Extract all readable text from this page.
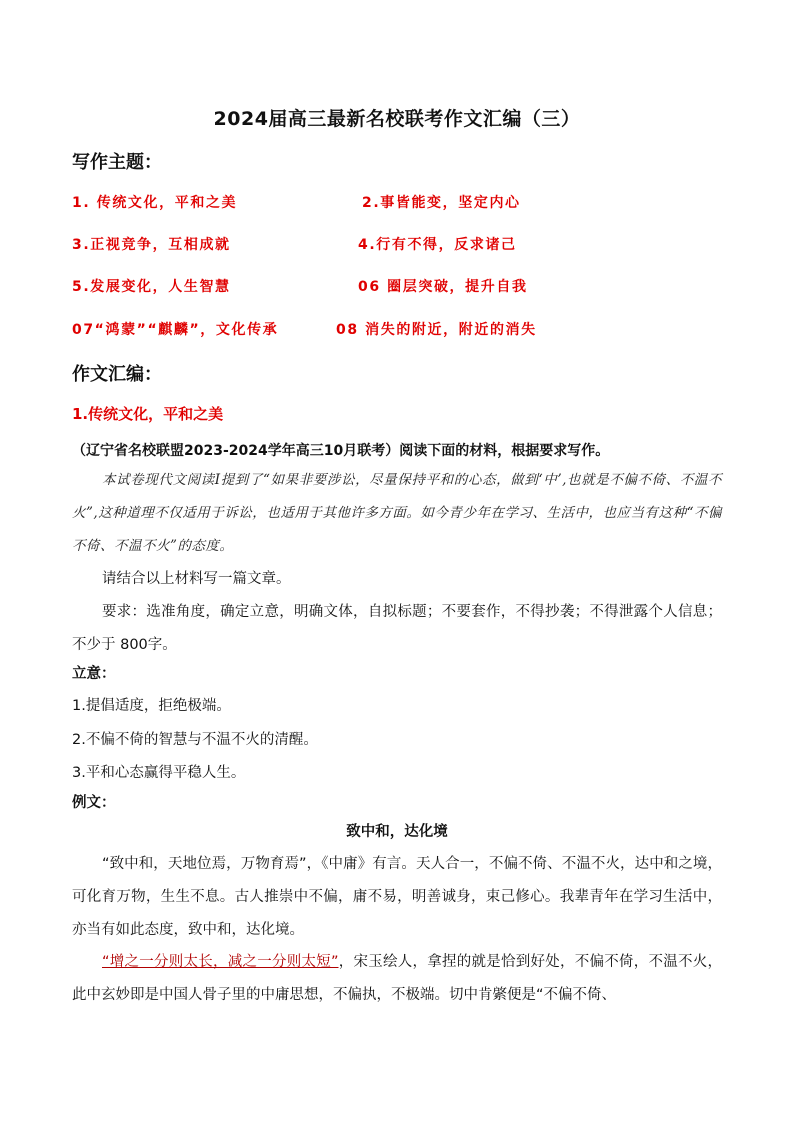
2024届高三最新名校联考作文汇编（三）
写作主题：
1. 传统文化，平和之美	2.事皆能变，坚定内心
3.正视竞争，互相成就	4.行有不得，反求诸己
5.发展变化，人生智慧	06 圈层突破，提升自我
07“鸿蒙”“麒麟”，文化传承	08 消失的附近，附近的消失
作文汇编：
1.传统文化，平和之美
（辽宁省名校联盟2023-2024学年高三10月联考）阅读下面的材料，根据要求写作。
本试卷现代文阅读I提到了“如果非要涉讼，尽量保持平和的心态，做到‘中’,也就是不偏不倚、不温不火”,这种道理不仅适用于诉讼，也适用于其他许多方面。如今青少年在学习、生活中，也应当有这种“不偏不倚、不温不火”的态度。
请结合以上材料写一篇文章。
要求：选准角度，确定立意，明确文体，自拟标题；不要套作，不得抄袭；不得泄露个人信息；不少于 800字。
立意：
1.提倡适度，拒绝极端。
2.不偏不倚的智慧与不温不火的清醒。
3.平和心态赢得平稳人生。
例文：
致中和，达化境
“致中和，天地位焉，万物育焉”，《中庸》有言。天人合一，不偏不倚、不温不火，达中和之境，可化育万物，生生不息。古人推崇中不偏，庸不易，明善诚身，束己修心。我辈青年在学习生活中，亦当有如此态度，致中和，达化境。
“增之一分则太长，减之一分则太短”，宋玉绘人，拿捏的就是恰到好处，不偏不倚，不温不火，此中玄妙即是中国人骨子里的中庸思想，不偏执，不极端。切中肯綮便是“不偏不倚、
